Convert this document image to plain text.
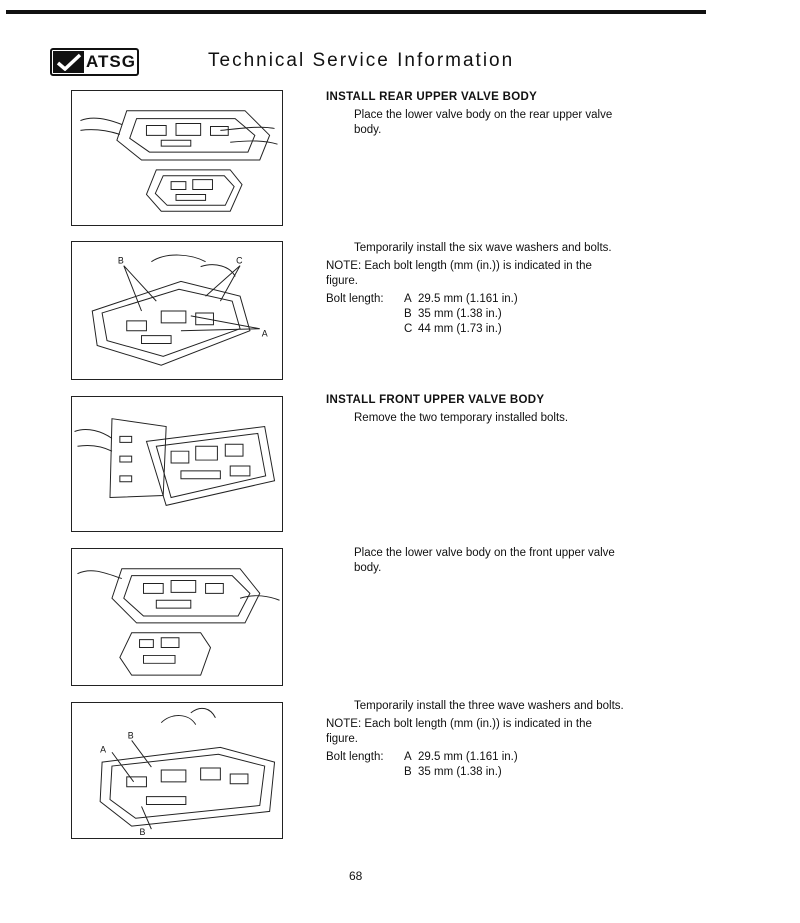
ATSG	Technical Service Information
B	C
A
B
A
B
INSTALL REAR UPPER VALVE BODY
Place the lower valve body on the rear upper valve body.
Temporarily install the six wave washers and bolts.
NOTE: Each bolt length (mm (in.)) is indicated in the figure.
Bolt length:	A 29.5 mm (1.161 in.)
B 35 mm (1.38 in.)
C 44 mm (1.73 in.)
INSTALL FRONT UPPER VALVE BODY
Remove the two temporary installed bolts.
Place the lower valve body on the front upper valve body.
Temporarily install the three wave washers and bolts.
NOTE: Each bolt length (mm (in.)) is indicated in the figure.
Bolt length:	A 29.5 mm (1.161 in.)
B 35 mm (1.38 in.)
68
